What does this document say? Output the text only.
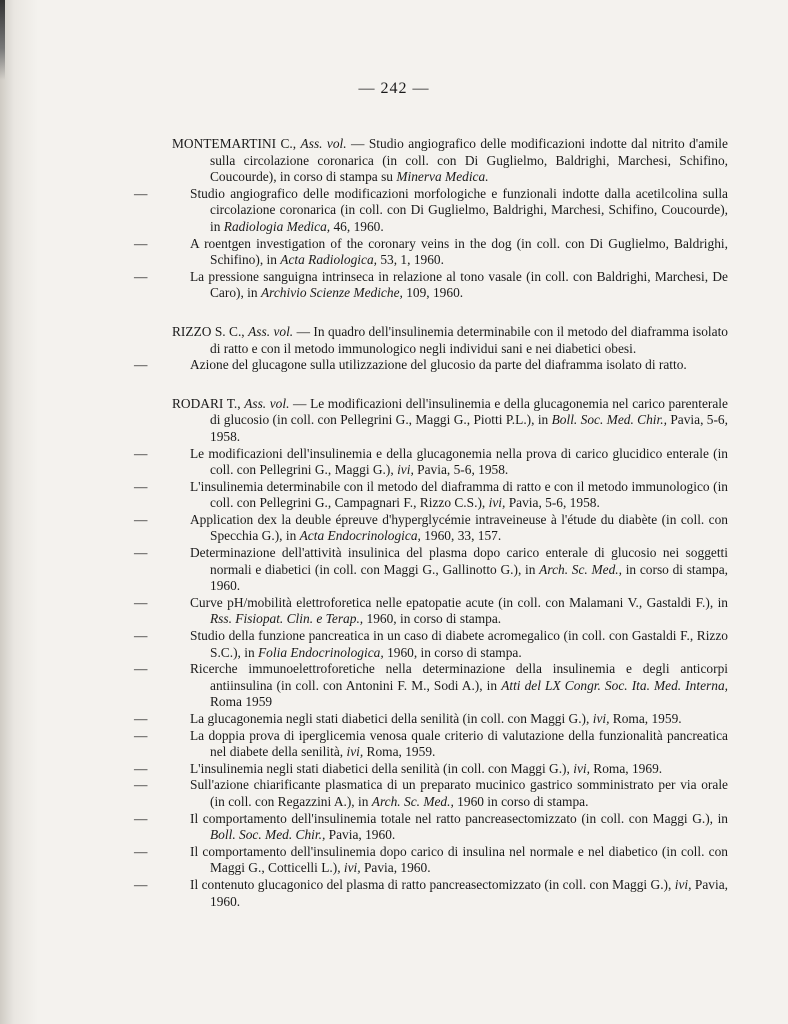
— 242 —
MONTEMARTINI C., Ass. vol. — Studio angiografico delle modificazioni indotte dal nitrito d'amile sulla circolazione coronarica (in coll. con Di Guglielmo, Baldrighi, Marchesi, Schifino, Coucourde), in corso di stampa su Minerva Medica.
—	Studio angiografico delle modificazioni morfologiche e funzionali indotte dalla acetilcolina sulla circolazione coronarica (in coll. con Di Guglielmo, Baldrighi, Marchesi, Schifino, Coucourde), in Radiologia Medica, 46, 1960.
—	A roentgen investigation of the coronary veins in the dog (in coll. con Di Guglielmo, Baldrighi, Schifino), in Acta Radiologica, 53, 1, 1960.
—	La pressione sanguigna intrinseca in relazione al tono vasale (in coll. con Baldrighi, Marchesi, De Caro), in Archivio Scienze Mediche, 109, 1960.
RIZZO S. C., Ass. vol. — In quadro dell'insulinemia determinabile con il metodo del diaframma isolato di ratto e con il metodo immunologico negli individui sani e nei diabetici obesi.
—	Azione del glucagone sulla utilizzazione del glucosio da parte del diaframma isolato di ratto.
RODARI T., Ass. vol. — Le modificazioni dell'insulinemia e della glucagonemia nel carico parenterale di glucosio (in coll. con Pellegrini G., Maggi G., Piotti P.L.), in Boll. Soc. Med. Chir., Pavia, 5-6, 1958.
—	Le modificazioni dell'insulinemia e della glucagonemia nella prova di carico glucidico enterale (in coll. con Pellegrini G., Maggi G.), ivi, Pavia, 5-6, 1958.
—	L'insulinemia determinabile con il metodo del diaframma di ratto e con il metodo immunologico (in coll. con Pellegrini G., Campagnari F., Rizzo C.S.), ivi, Pavia, 5-6, 1958.
—	Application dex la deuble épreuve d'hyperglycémie intraveineuse à l'étude du diabète (in coll. con Specchia G.), in Acta Endocrinologica, 1960, 33, 157.
—	Determinazione dell'attività insulinica del plasma dopo carico enterale di glucosio nei soggetti normali e diabetici (in coll. con Maggi G., Gallinotto G.), in Arch. Sc. Med., in corso di stampa, 1960.
—	Curve pH/mobilità elettroforetica nelle epatopatie acute (in coll. con Malamani V., Gastaldi F.), in Rss. Fisiopat. Clin. e Terap., 1960, in corso di stampa.
—	Studio della funzione pancreatica in un caso di diabete acromegalico (in coll. con Gastaldi F., Rizzo S.C.), in Folia Endocrinologica, 1960, in corso di stampa.
—	Ricerche immunoelettroforetiche nella determinazione della insulinemia e degli anticorpi antiinsulina (in coll. con Antonini F. M., Sodi A.), in Atti del LX Congr. Soc. Ita. Med. Interna, Roma 1959
—	La glucagonemia negli stati diabetici della senilità (in coll. con Maggi G.), ivi, Roma, 1959.
—	La doppia prova di iperglicemia venosa quale criterio di valutazione della funzionalità pancreatica nel diabete della senilità, ivi, Roma, 1959.
—	L'insulinemia negli stati diabetici della senilità (in coll. con Maggi G.), ivi, Roma, 1969.
—	Sull'azione chiarificante plasmatica di un preparato mucinico gastrico somministrato per via orale (in coll. con Regazzini A.), in Arch. Sc. Med., 1960 in corso di stampa.
—	Il comportamento dell'insulinemia totale nel ratto pancreasectomizzato (in coll. con Maggi G.), in Boll. Soc. Med. Chir., Pavia, 1960.
—	Il comportamento dell'insulinemia dopo carico di insulina nel normale e nel diabetico (in coll. con Maggi G., Cotticelli L.), ivi, Pavia, 1960.
—	Il contenuto glucagonico del plasma di ratto pancreasectomizzato (in coll. con Maggi G.), ivi, Pavia, 1960.
